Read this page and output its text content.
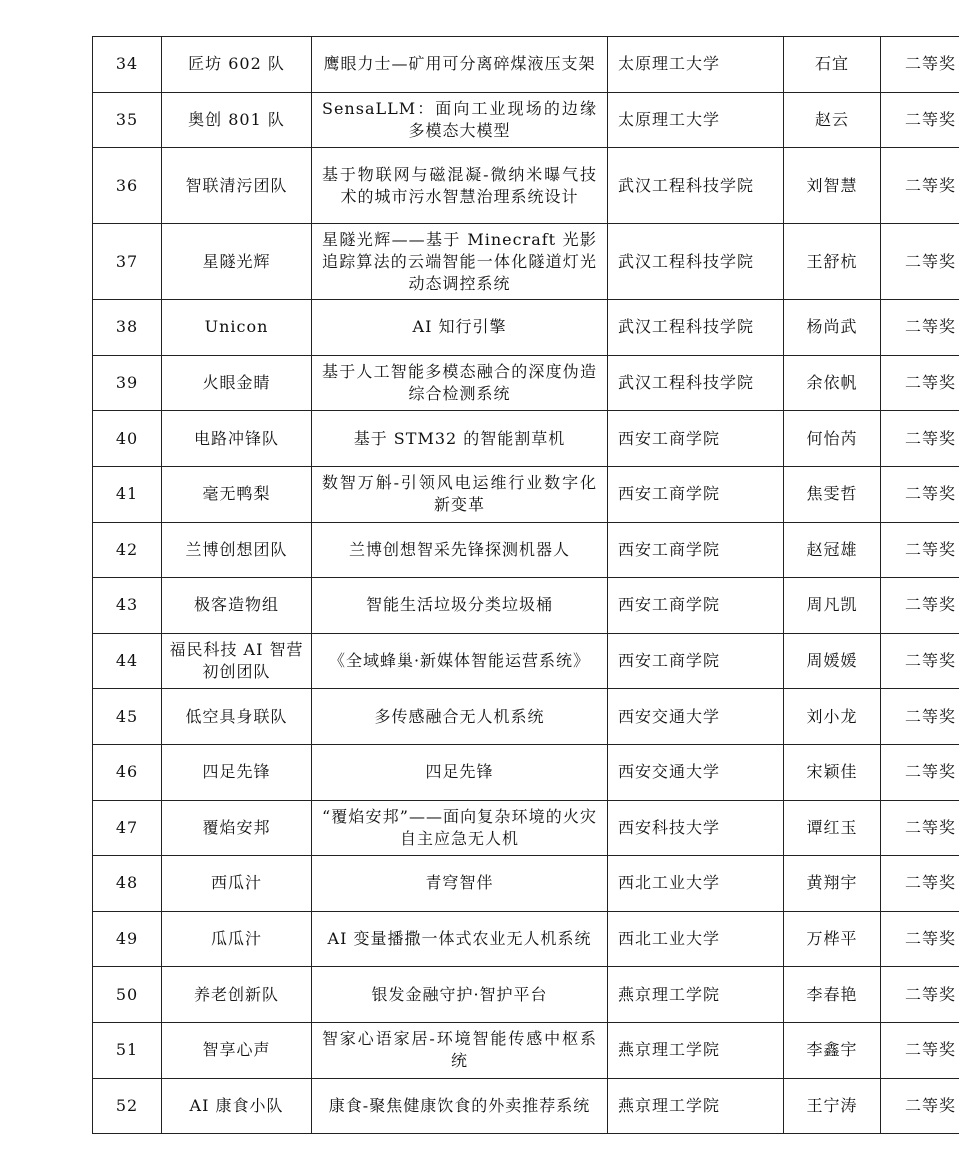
34	匠坊 602 队	鹰眼力士—矿用可分离碎煤液压支架	太原理工大学	石宜	二等奖
35	奥创 801 队	SensaLLM：面向工业现场的边缘多模态大模型	太原理工大学	赵云	二等奖
36	智联清污团队	基于物联网与磁混凝-微纳米曝气技术的城市污水智慧治理系统设计	武汉工程科技学院	刘智慧	二等奖
37	星隧光辉	星隧光辉——基于 Minecraft 光影追踪算法的云端智能一体化隧道灯光动态调控系统	武汉工程科技学院	王舒杭	二等奖
38	Unicon	AI 知行引擎	武汉工程科技学院	杨尚武	二等奖
39	火眼金睛	基于人工智能多模态融合的深度伪造综合检测系统	武汉工程科技学院	余依帆	二等奖
40	电路冲锋队	基于 STM32 的智能割草机	西安工商学院	何怡芮	二等奖
41	毫无鸭梨	数智万斛-引领风电运维行业数字化新变革	西安工商学院	焦雯哲	二等奖
42	兰博创想团队	兰博创想智采先锋探测机器人	西安工商学院	赵冠雄	二等奖
43	极客造物组	智能生活垃圾分类垃圾桶	西安工商学院	周凡凯	二等奖
44	福民科技 AI 智营初创团队	《全域蜂巢·新媒体智能运营系统》	西安工商学院	周媛媛	二等奖
45	低空具身联队	多传感融合无人机系统	西安交通大学	刘小龙	二等奖
46	四足先锋	四足先锋	西安交通大学	宋颖佳	二等奖
47	覆焰安邦	“覆焰安邦”——面向复杂环境的火灾自主应急无人机	西安科技大学	谭红玉	二等奖
48	西瓜汁	青穹智伴	西北工业大学	黄翔宇	二等奖
49	瓜瓜汁	AI 变量播撒一体式农业无人机系统	西北工业大学	万桦平	二等奖
50	养老创新队	银发金融守护·智护平台	燕京理工学院	李春艳	二等奖
51	智享心声	智家心语家居-环境智能传感中枢系统	燕京理工学院	李鑫宇	二等奖
52	AI 康食小队	康食-聚焦健康饮食的外卖推荐系统	燕京理工学院	王宁涛	二等奖
